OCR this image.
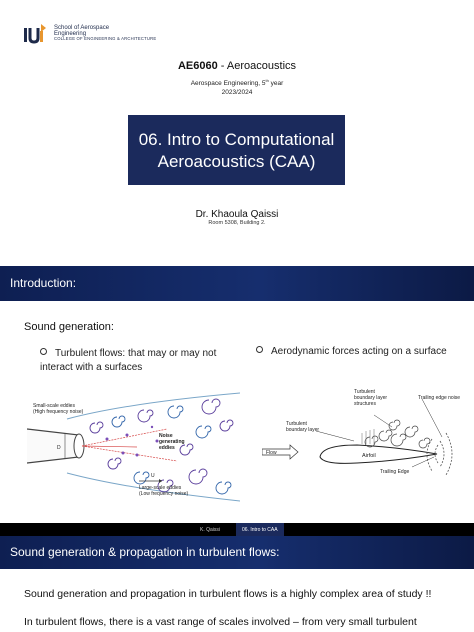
School of Aerospace
Engineering
COLLEGE OF ENGINEERING & ARCHITECTURE
AE6060 - Aeroacoustics
Aerospace Engineering, 5th year
2023/2024
06. Intro to Computational
Aeroacoustics (CAA)
Dr. Khaoula Qaissi
Room 5308, Building 2.
Introduction:
Sound generation:
Turbulent flows: that may or may not interact with a surfaces
Aerodynamic forces acting on a surface
Small-scale eddies
(High frequency noise)
Noise
generating
eddies
U
D
Large-scale eddies
(Low frequency noise)
Turbulent
boundary layer
structures
Trailing edge noise
Turbulent
boundary layer
Flow	Airfoil
Trailing Edge
K. Qaissi	06. Intro to CAA
Sound generation & propagation in turbulent flows:
Sound generation and propagation in turbulent flows is a highly complex area of study !!
In turbulent flows, there is a vast range of scales involved – from very small turbulent
